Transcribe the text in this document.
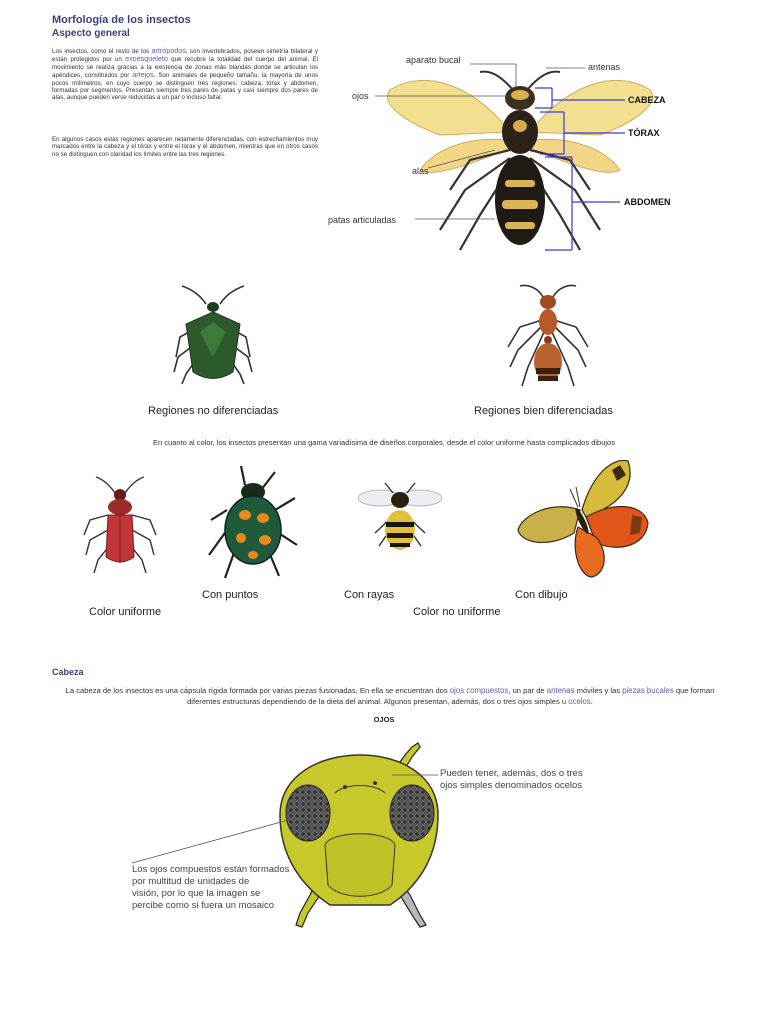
Morfología de los insectos
Aspecto general
Los insectos, como el resto de los artrópodos, son invertebrados, poseen simetría bilateral y están protegidos por un exoesqueleto que recubre la totalidad del cuerpo del animal. El movimiento se realiza gracias a la existencia de zonas más blandas donde se articulan los apéndices, constituidos por artejos. Son animales de pequeño tamaño, la mayoría de unos pocos milímetros, en cuyo cuerpo se distinguen tres regiones: cabeza, tórax y abdomen, formadas por segmentos. Presentan siempre tres pares de patas y casi siempre dos pares de alas, aunque pueden verse reducidas a un par o incluso faltar.
En algunos casos estas regiones aparecen netamente diferenciadas, con estrechamientos muy marcados entre la cabeza y el tórax y entre el tórax y el abdomen, mientras que en otros casos no se distinguen con claridad los límites entre las tres regiones.
aparato bucal
antenas
ojos	CABEZA
TÓRAX
alas
ABDOMEN
patas articuladas
Regiones no diferenciadas	Regiones bien diferenciadas
En cuanto al color, los insectos presentan una gama variadísima de diseños corporales, desde el color uniforme hasta complicados dibujos
Con puntos	Con rayas	Con dibujo
Color uniforme	Color no uniforme
Cabeza
La cabeza de los insectos es una cápsula rígida formada por varias piezas fusionadas. En ella se encuentran dos ojos compuestos, un par de antenas móviles y las piezas bucales que forman diferentes estructuras dependiendo de la dieta del animal. Algunos presentan, además, dos o tres ojos simples u ocelos.
OJOS
Pueden tener, además, dos o tres
ojos simples denominados ocelos
Los ojos compuestos están formados
por multitud de unidades de
visión, por lo que la imagen se
percibe como si fuera un mosaico
